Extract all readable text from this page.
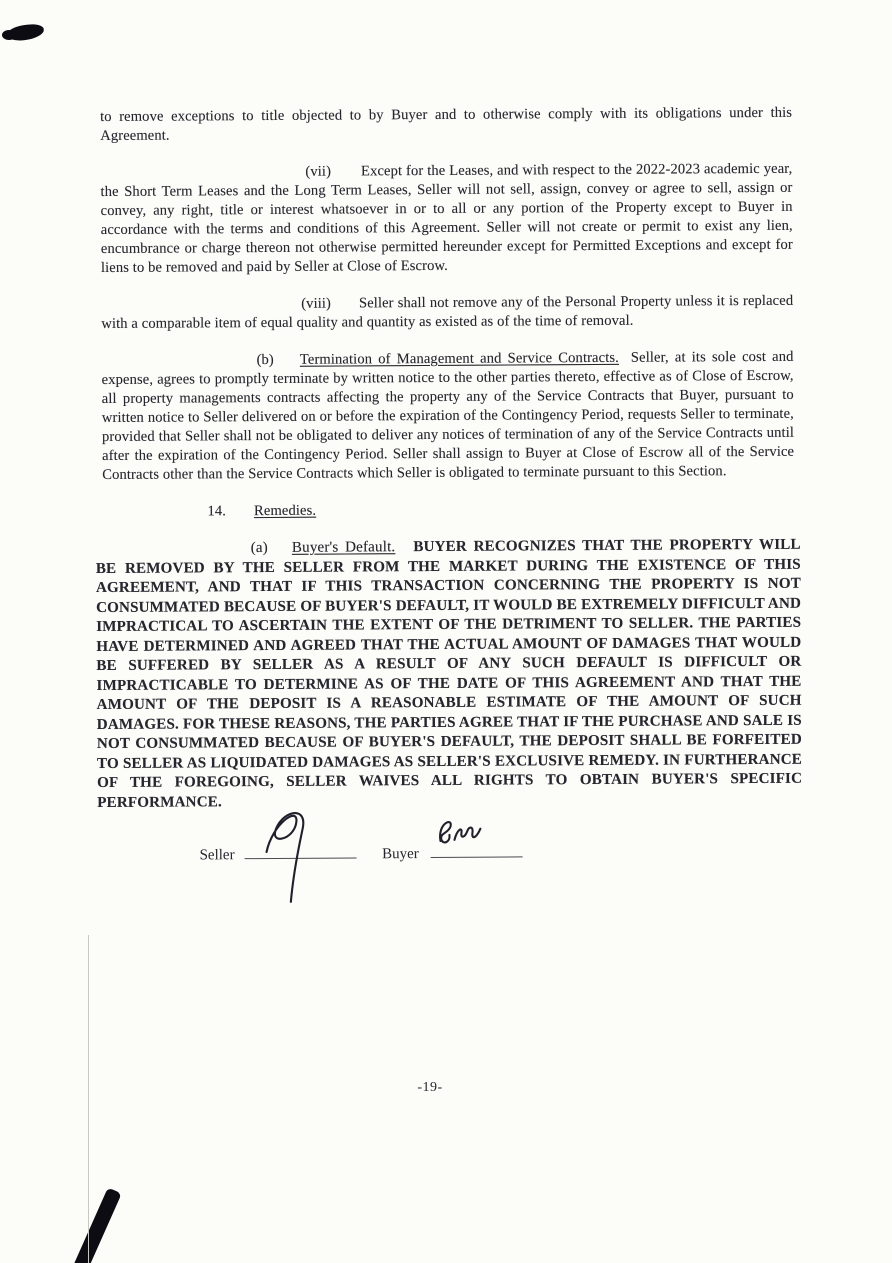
to remove exceptions to title objected to by Buyer and to otherwise comply with its obligations under this Agreement.

(vii) Except for the Leases, and with respect to the 2022-2023 academic year, the Short Term Leases and the Long Term Leases, Seller will not sell, assign, convey or agree to sell, assign or convey, any right, title or interest whatsoever in or to all or any portion of the Property except to Buyer in accordance with the terms and conditions of this Agreement. Seller will not create or permit to exist any lien, encumbrance or charge thereon not otherwise permitted hereunder except for Permitted Exceptions and except for liens to be removed and paid by Seller at Close of Escrow.

(viii) Seller shall not remove any of the Personal Property unless it is replaced with a comparable item of equal quality and quantity as existed as of the time of removal.

(b) Termination of Management and Service Contracts. Seller, at its sole cost and expense, agrees to promptly terminate by written notice to the other parties thereto, effective as of Close of Escrow, all property managements contracts affecting the property any of the Service Contracts that Buyer, pursuant to written notice to Seller delivered on or before the expiration of the Contingency Period, requests Seller to terminate, provided that Seller shall not be obligated to deliver any notices of termination of any of the Service Contracts until after the expiration of the Contingency Period. Seller shall assign to Buyer at Close of Escrow all of the Service Contracts other than the Service Contracts which Seller is obligated to terminate pursuant to this Section.

14. Remedies.

(a) Buyer's Default. BUYER RECOGNIZES THAT THE PROPERTY WILL BE REMOVED BY THE SELLER FROM THE MARKET DURING THE EXISTENCE OF THIS AGREEMENT, AND THAT IF THIS TRANSACTION CONCERNING THE PROPERTY IS NOT CONSUMMATED BECAUSE OF BUYER'S DEFAULT, IT WOULD BE EXTREMELY DIFFICULT AND IMPRACTICAL TO ASCERTAIN THE EXTENT OF THE DETRIMENT TO SELLER. THE PARTIES HAVE DETERMINED AND AGREED THAT THE ACTUAL AMOUNT OF DAMAGES THAT WOULD BE SUFFERED BY SELLER AS A RESULT OF ANY SUCH DEFAULT IS DIFFICULT OR IMPRACTICABLE TO DETERMINE AS OF THE DATE OF THIS AGREEMENT AND THAT THE AMOUNT OF THE DEPOSIT IS A REASONABLE ESTIMATE OF THE AMOUNT OF SUCH DAMAGES. FOR THESE REASONS, THE PARTIES AGREE THAT IF THE PURCHASE AND SALE IS NOT CONSUMMATED BECAUSE OF BUYER'S DEFAULT, THE DEPOSIT SHALL BE FORFEITED TO SELLER AS LIQUIDATED DAMAGES AS SELLER'S EXCLUSIVE REMEDY. IN FURTHERANCE OF THE FOREGOING, SELLER WAIVES ALL RIGHTS TO OBTAIN BUYER'S SPECIFIC PERFORMANCE.

Seller	Buyer
-19-
